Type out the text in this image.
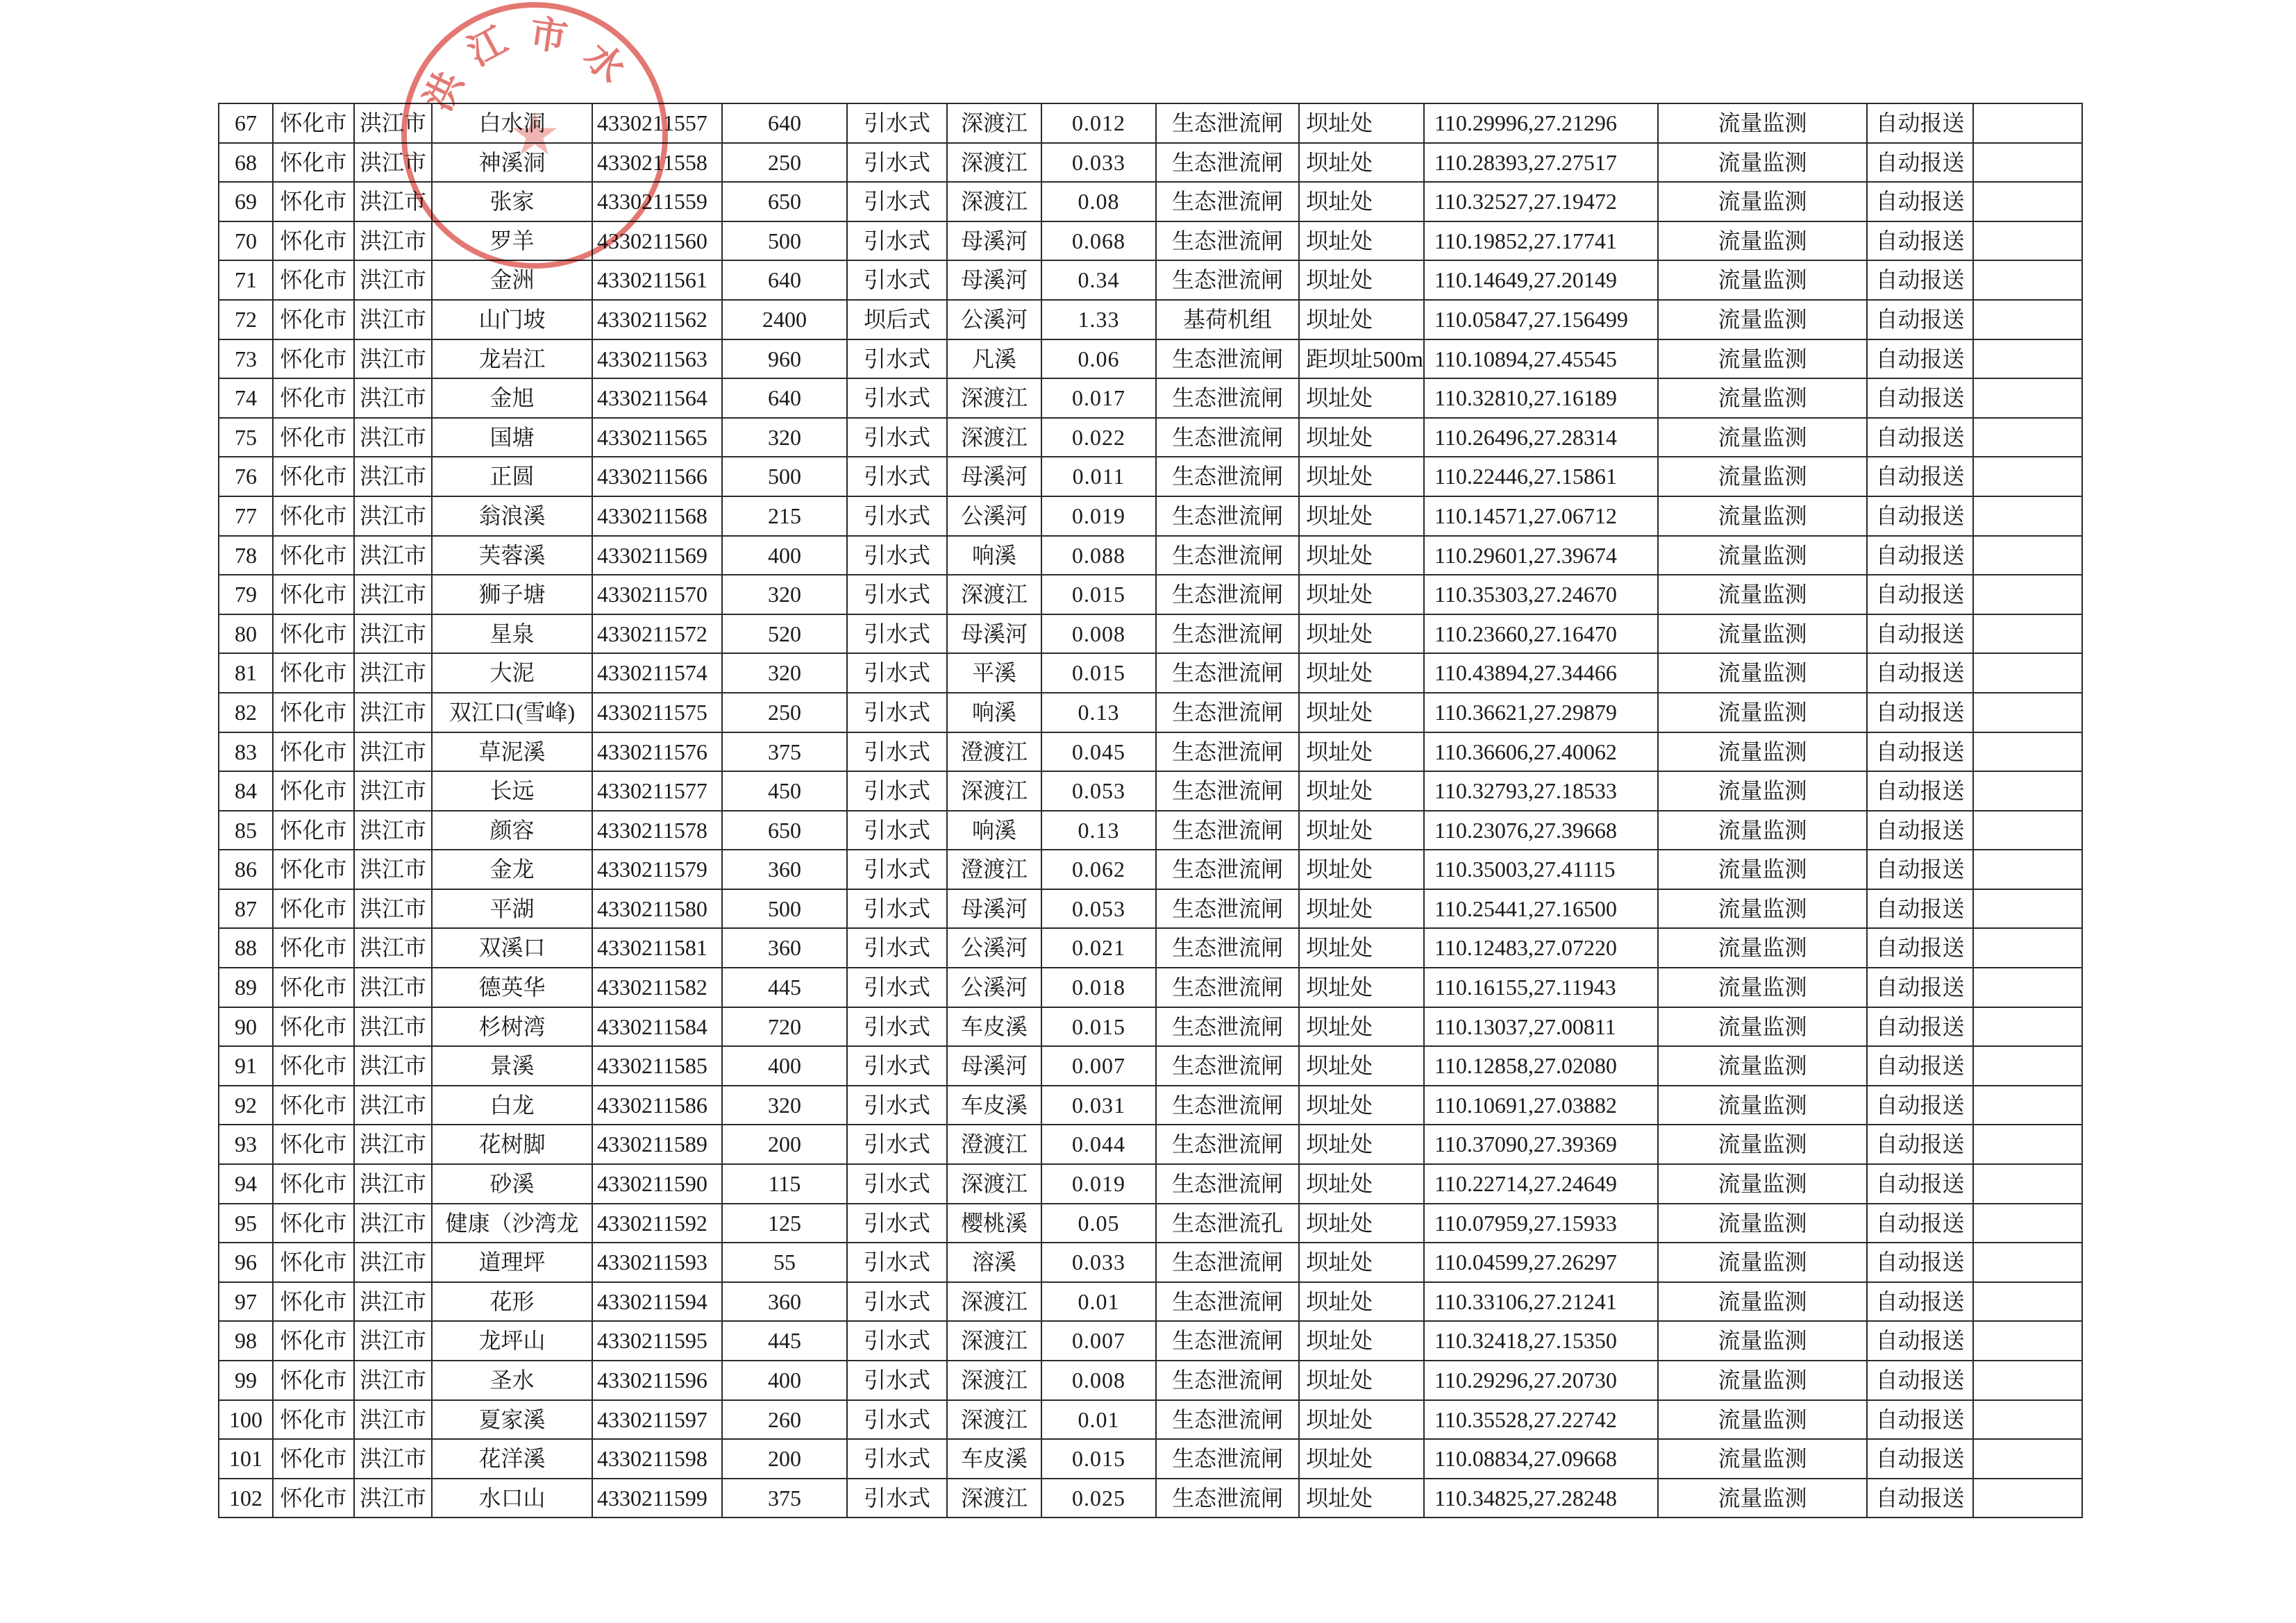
67	怀化市 洪江市	白水洞	4330211557	640	引水式	深渡江	0.012	生态泄流闸	坝址处	110.29996,27.21296	流量监测	自动报送
68	怀化市 洪江市	神溪洞	4330211558	250	引水式	深渡江	0.033	生态泄流闸	坝址处	110.28393,27.27517	流量监测	自动报送
69	怀化市 洪江市	张家	4330211559	650	引水式	深渡江	0.08	生态泄流闸	坝址处	110.32527,27.19472	流量监测	自动报送
70	怀化市 洪江市	罗羊	4330211560	500	引水式	母溪河	0.068	生态泄流闸	坝址处	110.19852,27.17741	流量监测	自动报送
71	怀化市 洪江市	金洲	4330211561	640	引水式	母溪河	0.34	生态泄流闸	坝址处	110.14649,27.20149	流量监测	自动报送
72	怀化市 洪江市	山门坡	4330211562	2400	坝后式	公溪河	1.33	基荷机组	坝址处	110.05847,27.156499	流量监测	自动报送
73	怀化市 洪江市	龙岩江	4330211563	960	引水式	凡溪	0.06	生态泄流闸	距坝址500m 110.10894,27.45545	流量监测	自动报送
74	怀化市 洪江市	金旭	4330211564	640	引水式	深渡江	0.017	生态泄流闸	坝址处	110.32810,27.16189	流量监测	自动报送
75	怀化市 洪江市	国塘	4330211565	320	引水式	深渡江	0.022	生态泄流闸	坝址处	110.26496,27.28314	流量监测	自动报送
76	怀化市 洪江市	正圆	4330211566	500	引水式	母溪河	0.011	生态泄流闸	坝址处	110.22446,27.15861	流量监测	自动报送
77	怀化市 洪江市	翁浪溪	4330211568	215	引水式	公溪河	0.019	生态泄流闸	坝址处	110.14571,27.06712	流量监测	自动报送
78	怀化市 洪江市	芙蓉溪	4330211569	400	引水式	响溪	0.088	生态泄流闸	坝址处	110.29601,27.39674	流量监测	自动报送
79	怀化市 洪江市	狮子塘	4330211570	320	引水式	深渡江	0.015	生态泄流闸	坝址处	110.35303,27.24670	流量监测	自动报送
80	怀化市 洪江市	星泉	4330211572	520	引水式	母溪河	0.008	生态泄流闸	坝址处	110.23660,27.16470	流量监测	自动报送
81	怀化市 洪江市	大泥	4330211574	320	引水式	平溪	0.015	生态泄流闸	坝址处	110.43894,27.34466	流量监测	自动报送
82	怀化市 洪江市	双江口(雪峰) 4330211575	250	引水式	响溪	0.13	生态泄流闸	坝址处	110.36621,27.29879	流量监测	自动报送
83	怀化市 洪江市	草泥溪	4330211576	375	引水式	澄渡江	0.045	生态泄流闸	坝址处	110.36606,27.40062	流量监测	自动报送
84	怀化市 洪江市	长远	4330211577	450	引水式	深渡江	0.053	生态泄流闸	坝址处	110.32793,27.18533	流量监测	自动报送
85	怀化市 洪江市	颜容	4330211578	650	引水式	响溪	0.13	生态泄流闸	坝址处	110.23076,27.39668	流量监测	自动报送
86	怀化市 洪江市	金龙	4330211579	360	引水式	澄渡江	0.062	生态泄流闸	坝址处	110.35003,27.41115	流量监测	自动报送
87	怀化市 洪江市	平湖	4330211580	500	引水式	母溪河	0.053	生态泄流闸	坝址处	110.25441,27.16500	流量监测	自动报送
88	怀化市 洪江市	双溪口	4330211581	360	引水式	公溪河	0.021	生态泄流闸	坝址处	110.12483,27.07220	流量监测	自动报送
89	怀化市 洪江市	德英华	4330211582	445	引水式	公溪河	0.018	生态泄流闸	坝址处	110.16155,27.11943	流量监测	自动报送
90	怀化市 洪江市	杉树湾	4330211584	720	引水式	车皮溪	0.015	生态泄流闸	坝址处	110.13037,27.00811	流量监测	自动报送
91	怀化市 洪江市	景溪	4330211585	400	引水式	母溪河	0.007	生态泄流闸	坝址处	110.12858,27.02080	流量监测	自动报送
92	怀化市 洪江市	白龙	4330211586	320	引水式	车皮溪	0.031	生态泄流闸	坝址处	110.10691,27.03882	流量监测	自动报送
93	怀化市 洪江市	花树脚	4330211589	200	引水式	澄渡江	0.044	生态泄流闸	坝址处	110.37090,27.39369	流量监测	自动报送
94	怀化市 洪江市	砂溪	4330211590	115	引水式	深渡江	0.019	生态泄流闸	坝址处	110.22714,27.24649	流量监测	自动报送
95	怀化市 洪江市 健康（沙湾龙 4330211592	125	引水式	樱桃溪	0.05	生态泄流孔	坝址处	110.07959,27.15933	流量监测	自动报送
96	怀化市 洪江市	道理坪	4330211593	55	引水式	溶溪	0.033	生态泄流闸	坝址处	110.04599,27.26297	流量监测	自动报送
97	怀化市 洪江市	花形	4330211594	360	引水式	深渡江	0.01	生态泄流闸	坝址处	110.33106,27.21241	流量监测	自动报送
98	怀化市 洪江市	龙坪山	4330211595	445	引水式	深渡江	0.007	生态泄流闸	坝址处	110.32418,27.15350	流量监测	自动报送
99	怀化市 洪江市	圣水	4330211596	400	引水式	深渡江	0.008	生态泄流闸	坝址处	110.29296,27.20730	流量监测	自动报送
100 怀化市 洪江市	夏家溪	4330211597	260	引水式	深渡江	0.01	生态泄流闸	坝址处	110.35528,27.22742	流量监测	自动报送
101 怀化市 洪江市	花洋溪	4330211598	200	引水式	车皮溪	0.015	生态泄流闸	坝址处	110.08834,27.09668	流量监测	自动报送
102 怀化市 洪江市	水口山	4330211599	375	引水式	深渡江	0.025	生态泄流闸	坝址处	110.34825,27.28248	流量监测	自动报送
洪
江 市 水
